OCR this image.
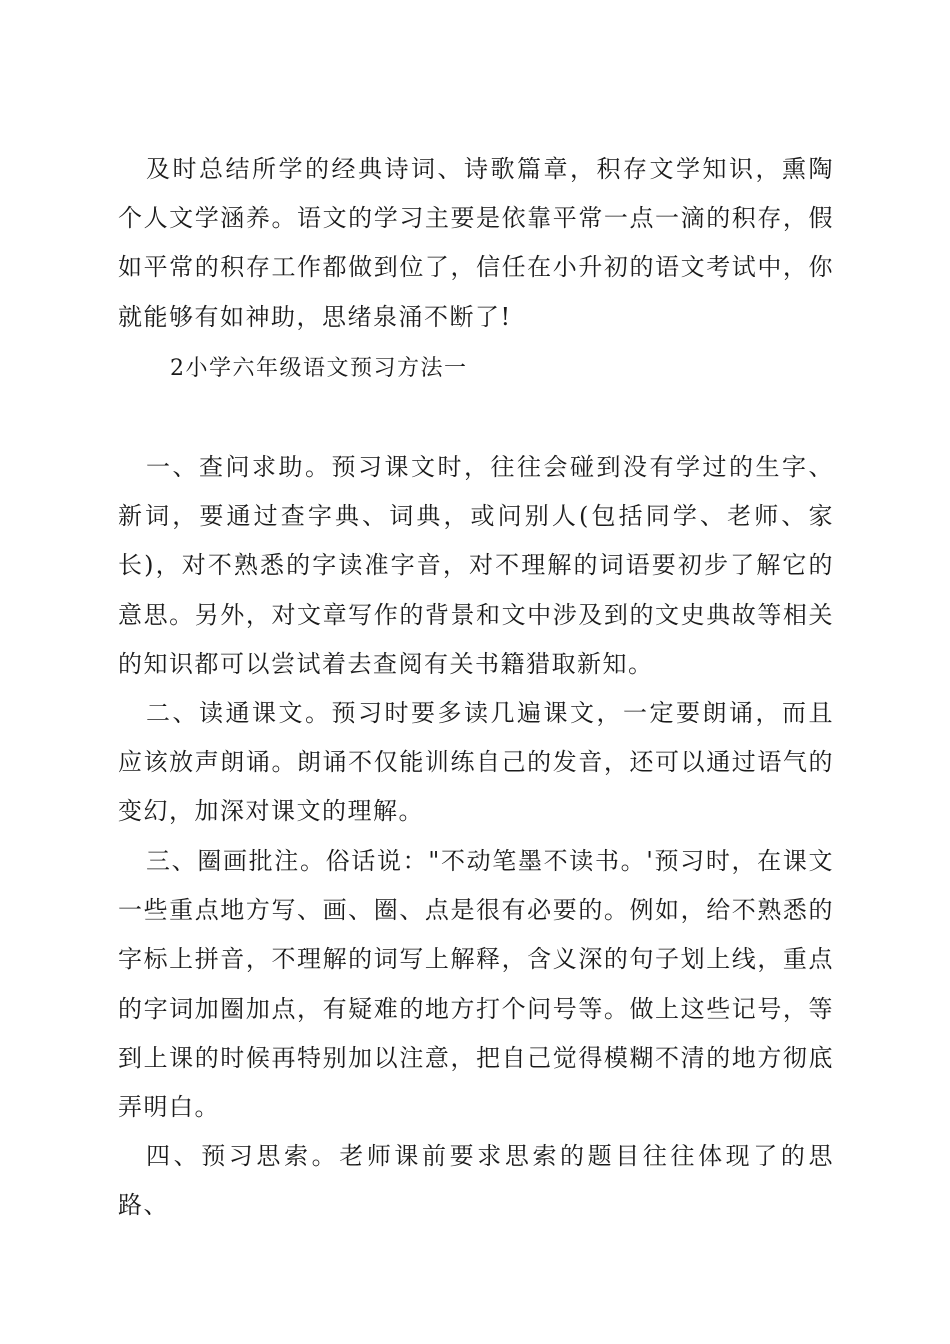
及时总结所学的经典诗词、诗歌篇章，积存文学知识，熏陶个人文学涵养。语文的学习主要是依靠平常一点一滴的积存，假如平常的积存工作都做到位了，信任在小升初的语文考试中，你就能够有如神助，思绪泉涌不断了!

2小学六年级语文预习方法一

一、查问求助。预习课文时，往往会碰到没有学过的生字、新词，要通过查字典、词典，或问别人(包括同学、老师、家长)，对不熟悉的字读准字音，对不理解的词语要初步了解它的意思。另外，对文章写作的背景和文中涉及到的文史典故等相关的知识都可以尝试着去查阅有关书籍猎取新知。

二、读通课文。预习时要多读几遍课文，一定要朗诵，而且应该放声朗诵。朗诵不仅能训练自己的发音，还可以通过语气的变幻，加深对课文的理解。

三、圈画批注。俗话说："不动笔墨不读书。'预习时，在课文一些重点地方写、画、圈、点是很有必要的。例如，给不熟悉的字标上拼音，不理解的词写上解释，含义深的句子划上线，重点的字词加圈加点，有疑难的地方打个问号等。做上这些记号，等到上课的时候再特别加以注意，把自己觉得模糊不清的地方彻底弄明白。

四、预习思索。老师课前要求思索的题目往往体现了的思路、
